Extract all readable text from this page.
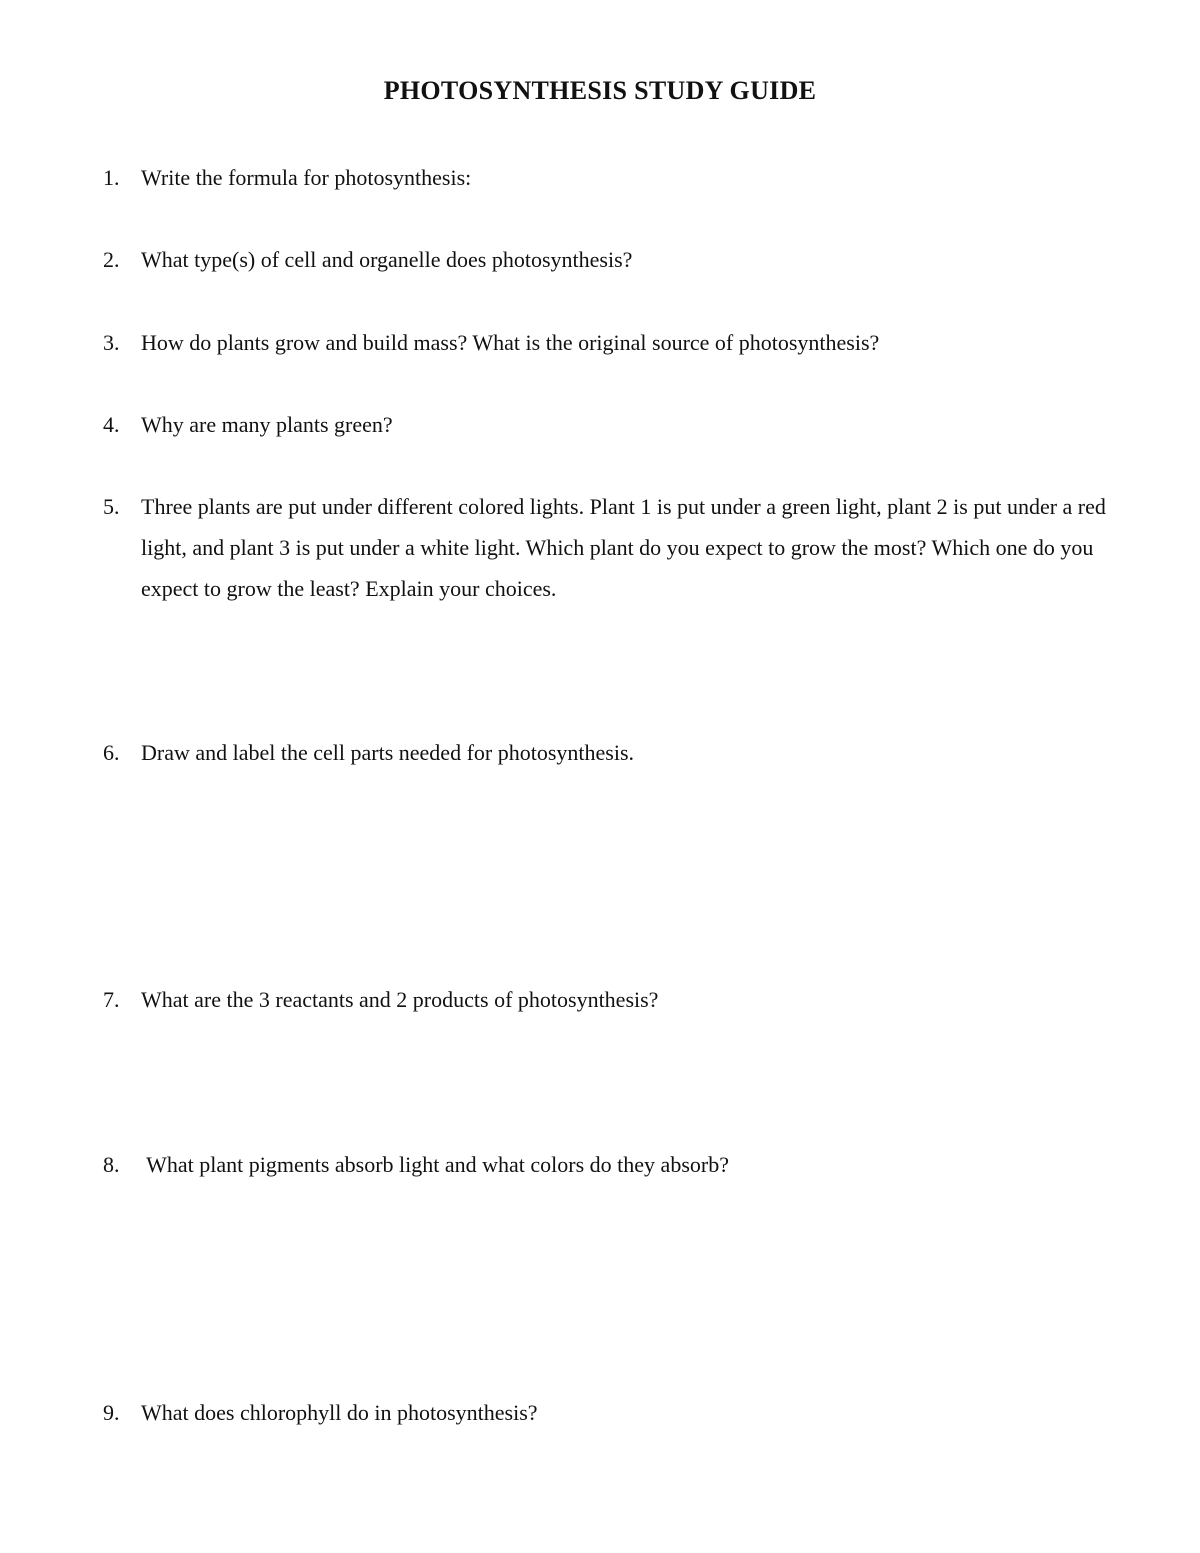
PHOTOSYNTHESIS STUDY GUIDE
1. Write the formula for photosynthesis:
2. What type(s) of cell and organelle does photosynthesis?
3. How do plants grow and build mass? What is the original source of photosynthesis?
4. Why are many plants green?
5. Three plants are put under different colored lights. Plant 1 is put under a green light, plant 2 is put under a red light, and plant 3 is put under a white light. Which plant do you expect to grow the most? Which one do you expect to grow the least? Explain your choices.
6. Draw and label the cell parts needed for photosynthesis.
7. What are the 3 reactants and 2 products of photosynthesis?
8. What plant pigments absorb light and what colors do they absorb?
9. What does chlorophyll do in photosynthesis?
